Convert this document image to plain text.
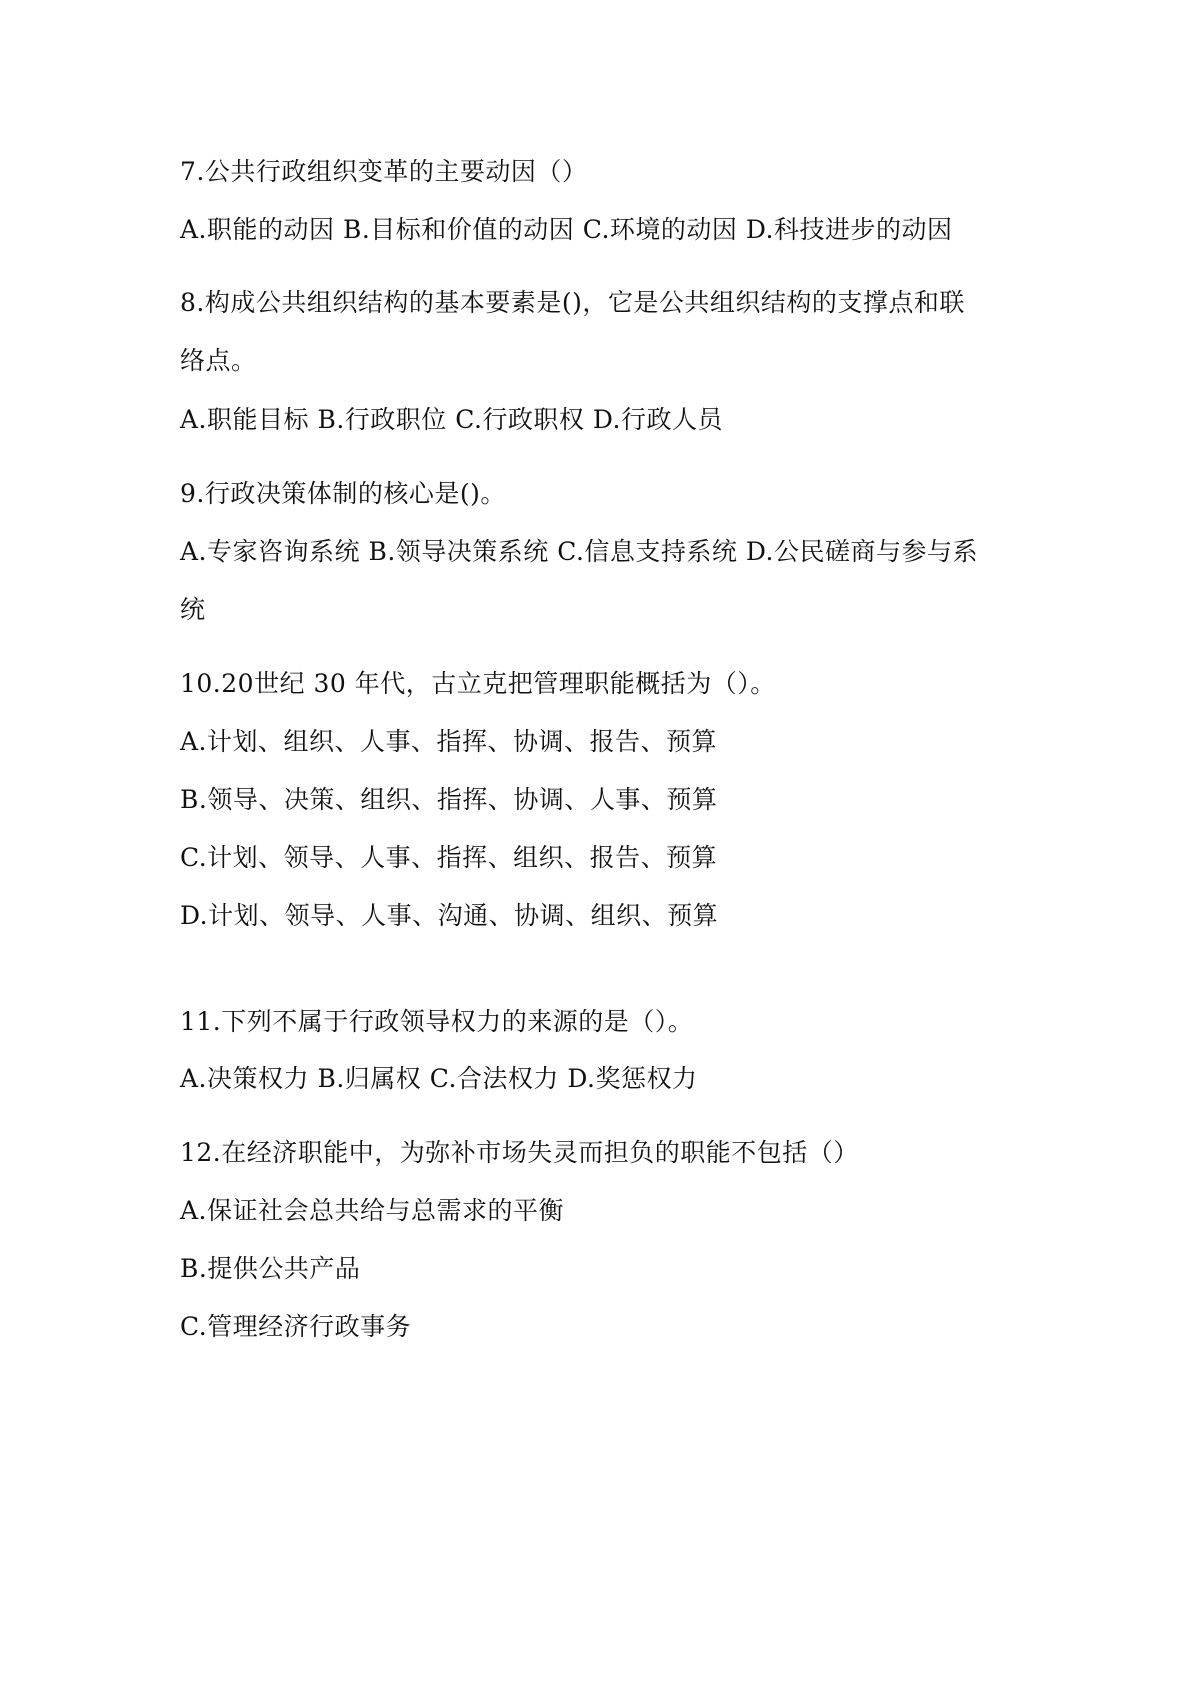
7.公共行政组织变革的主要动因（）
A.职能的动因 B.目标和价值的动因 C.环境的动因 D.科技进步的动因
8.构成公共组织结构的基本要素是()，它是公共组织结构的支撑点和联
络点。
A.职能目标 B.行政职位 C.行政职权 D.行政人员
9.行政决策体制的核心是()。
A.专家咨询系统 B.领导决策系统 C.信息支持系统 D.公民磋商与参与系
统
10.20世纪 30 年代，古立克把管理职能概括为（）。
A.计划、组织、人事、指挥、协调、报告、预算
B.领导、决策、组织、指挥、协调、人事、预算
C.计划、领导、人事、指挥、组织、报告、预算
D.计划、领导、人事、沟通、协调、组织、预算
11.下列不属于行政领导权力的来源的是（）。
A.决策权力 B.归属权 C.合法权力 D.奖惩权力
12.在经济职能中，为弥补市场失灵而担负的职能不包括（）
A.保证社会总共给与总需求的平衡
B.提供公共产品
C.管理经济行政事务
